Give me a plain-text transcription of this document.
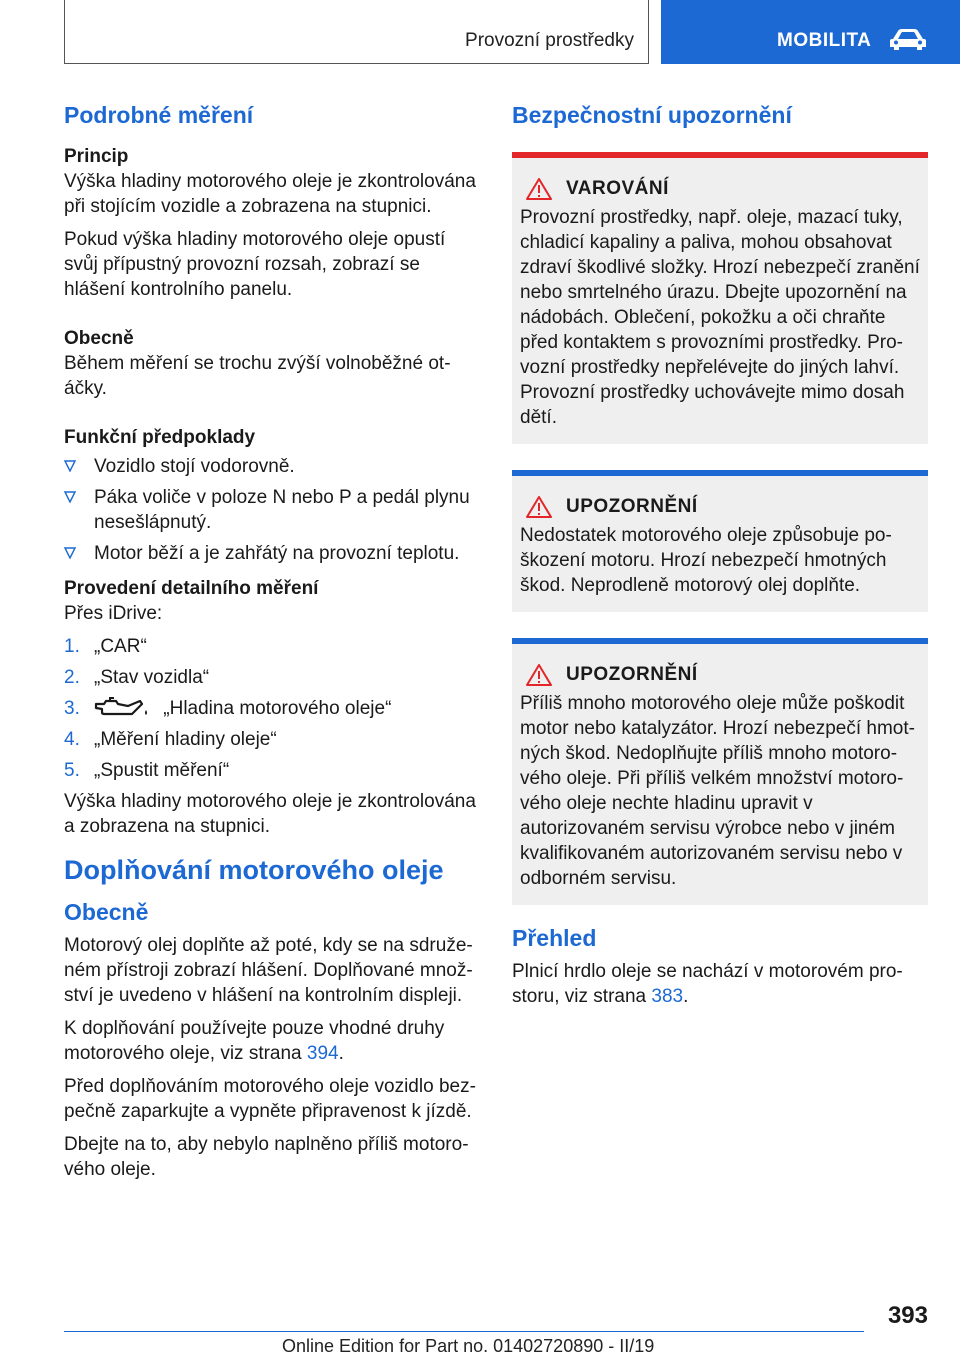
Provozní prostředky	MOBILITA
Podrobné měření
Princip
Výška hladiny motorového oleje je zkontrolována při stojícím vozidle a zobrazena na stupnici.
Pokud výška hladiny motorového oleje opustí svůj přípustný provozní rozsah, zobrazí se hlášení kontrolního panelu.
Obecně
Během měření se trochu zvýší volnoběžné otáčky.
Funkční předpoklady
Vozidlo stojí vodorovně.
Páka voliče v poloze N nebo P a pedál plynu nesešlápnutý.
Motor běží a je zahřátý na provozní teplotu.
Provedení detailního měření
Přes iDrive:
1. „CAR“
2. „Stav vozidla“
3.	„Hladina motorového oleje“
4. „Měření hladiny oleje“
5. „Spustit měření“
Výška hladiny motorového oleje je zkontrolována a zobrazena na stupnici.
Doplňování motorového oleje
Obecně
Motorový olej doplňte až poté, kdy se na sdruženém přístroji zobrazí hlášení. Doplňované množství je uvedeno v hlášení na kontrolním displeji.
K doplňování používejte pouze vhodné druhy motorového oleje, viz strana 394.
Před doplňováním motorového oleje vozidlo bezpečně zaparkujte a vypněte připravenost k jízdě.
Dbejte na to, aby nebylo naplněno příliš motorového oleje.
Bezpečnostní upozornění
VAROVÁNÍ
Provozní prostředky, např. oleje, mazací tuky, chladicí kapaliny a paliva, mohou obsahovat zdraví škodlivé složky. Hrozí nebezpečí zranění nebo smrtelného úrazu. Dbejte upozornění na nádobách. Oblečení, pokožku a oči chraňte před kontaktem s provozními prostředky. Provozní prostředky nepřelévejte do jiných lahví. Provozní prostředky uchovávejte mimo dosah dětí.
UPOZORNĚNÍ
Nedostatek motorového oleje způsobuje poškození motoru. Hrozí nebezpečí hmotných škod. Neprodleně motorový olej doplňte.
UPOZORNĚNÍ
Příliš mnoho motorového oleje může poškodit motor nebo katalyzátor. Hrozí nebezpečí hmotných škod. Nedoplňujte příliš mnoho motorového oleje. Při příliš velkém množství motorového oleje nechte hladinu upravit v autorizovaném servisu výrobce nebo v jiném kvalifikovaném autorizovaném servisu nebo v odborném servisu.
Přehled
Plnicí hrdlo oleje se nachází v motorovém prostoru, viz strana 383.
393
Online Edition for Part no. 01402720890 - II/19
